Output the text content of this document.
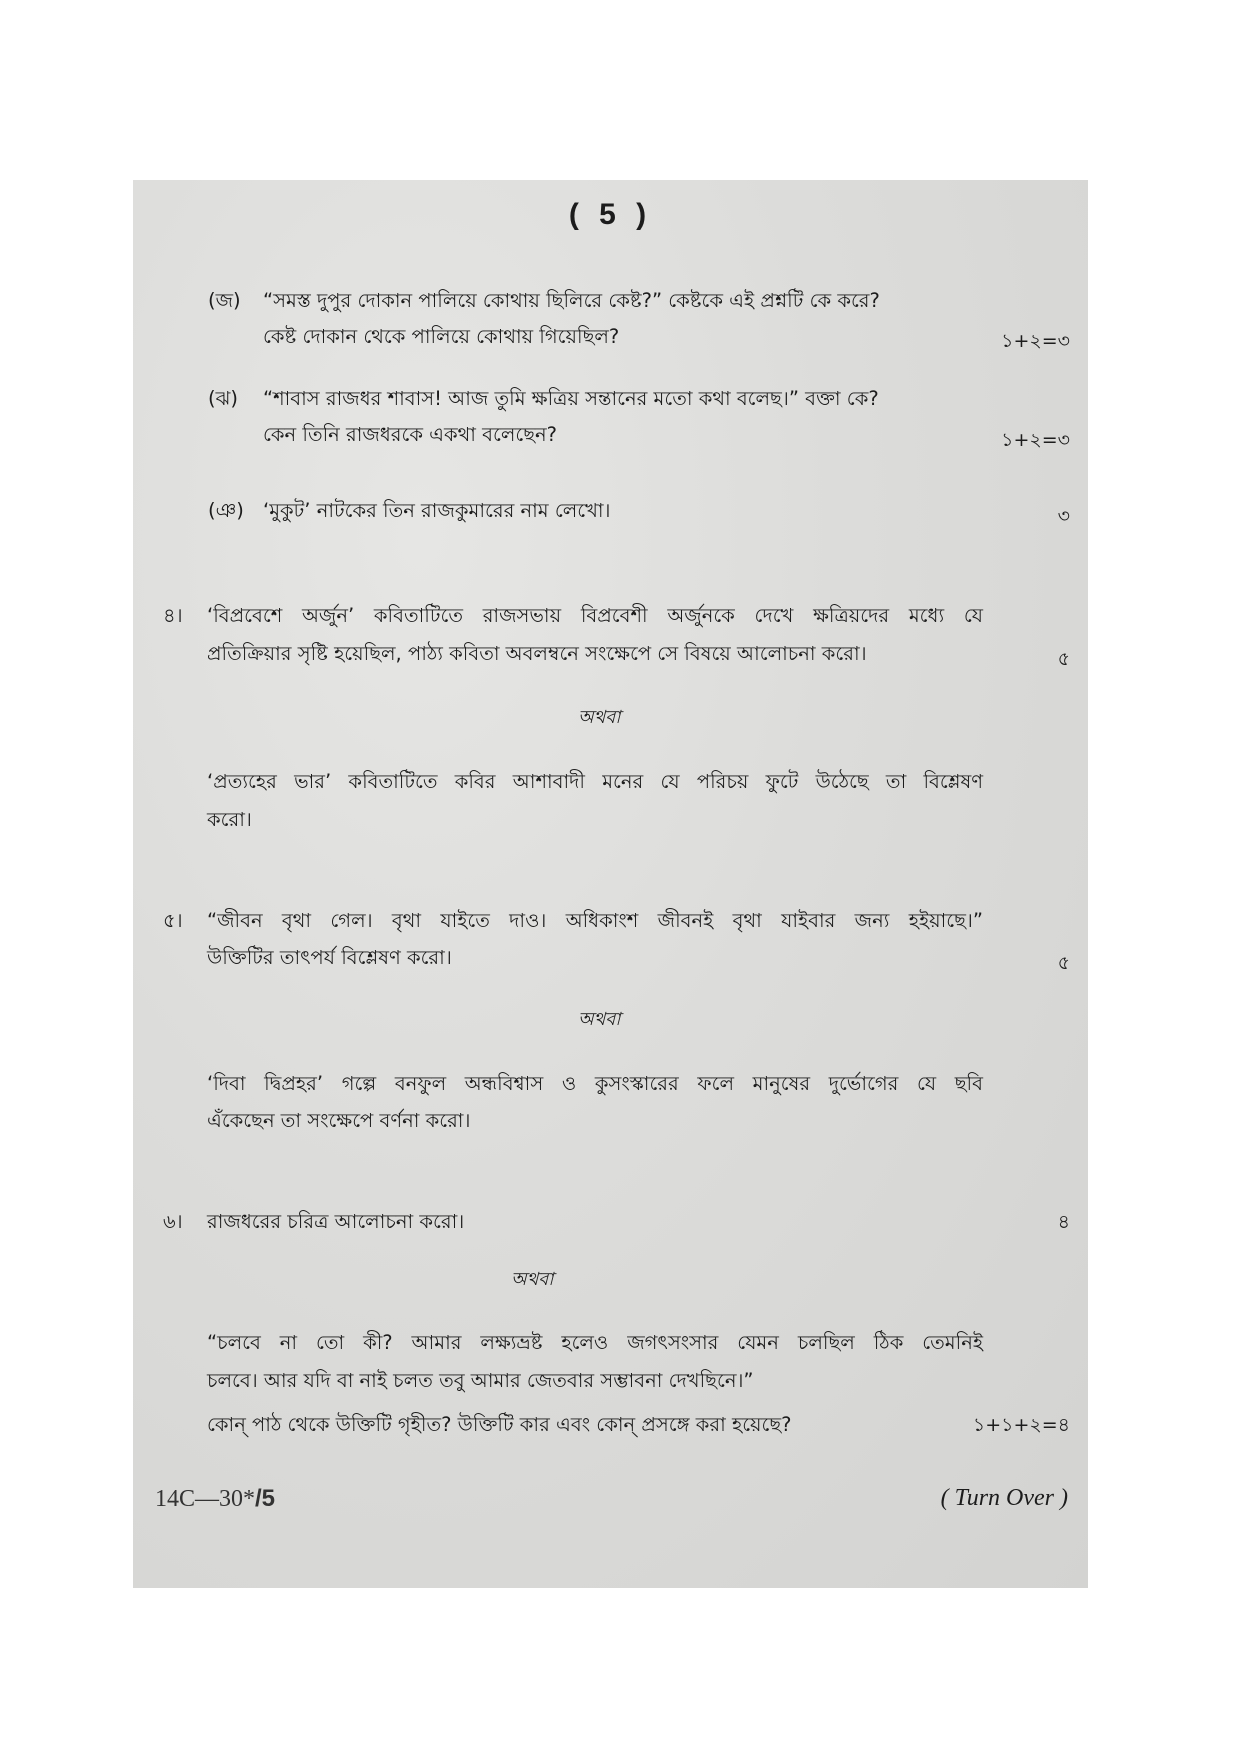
( 5 )
(জ) “সমস্ত দুপুর দোকান পালিয়ে কোথায় ছিলিরে কেষ্ট?” কেষ্টকে এই প্রশ্নটি কে করে?
কেষ্ট দোকান থেকে পালিয়ে কোথায় গিয়েছিল?	১+২=৩
(ঝ) “শাবাস রাজধর শাবাস! আজ তুমি ক্ষত্রিয় সন্তানের মতো কথা বলেছ।” বক্তা কে?
কেন তিনি রাজধরকে একথা বলেছেন?	১+২=৩
(ঞ) ‘মুকুট’ নাটকের তিন রাজকুমারের নাম লেখো।	৩
৪। ‘বিপ্রবেশে অর্জুন’ কবিতাটিতে রাজসভায় বিপ্রবেশী অর্জুনকে দেখে ক্ষত্রিয়দের মধ্যে যে
প্রতিক্রিয়ার সৃষ্টি হয়েছিল, পাঠ্য কবিতা অবলম্বনে সংক্ষেপে সে বিষয়ে আলোচনা করো।	৫
অথবা
‘প্রত্যহের ভার’ কবিতাটিতে কবির আশাবাদী মনের যে পরিচয় ফুটে উঠেছে তা বিশ্লেষণ
করো।
৫। “জীবন বৃথা গেল। বৃথা যাইতে দাও। অধিকাংশ জীবনই বৃথা যাইবার জন্য হইয়াছে।”
উক্তিটির তাৎপর্য বিশ্লেষণ করো।	৫
অথবা
‘দিবা দ্বিপ্রহর’ গল্পে বনফুল অন্ধবিশ্বাস ও কুসংস্কারের ফলে মানুষের দুর্ভোগের যে ছবি
এঁকেছেন তা সংক্ষেপে বর্ণনা করো।
৬। রাজধরের চরিত্র আলোচনা করো।	৪
অথবা
“চলবে না তো কী? আমার লক্ষ্যভ্রষ্ট হলেও জগৎসংসার যেমন চলছিল ঠিক তেমনিই
চলবে। আর যদি বা নাই চলত তবু আমার জেতবার সম্ভাবনা দেখছিনে।”
কোন্ পাঠ থেকে উক্তিটি গৃহীত? উক্তিটি কার এবং কোন্ প্রসঙ্গে করা হয়েছে?	১+১+২=৪
14C—30*/5	( Turn Over )
